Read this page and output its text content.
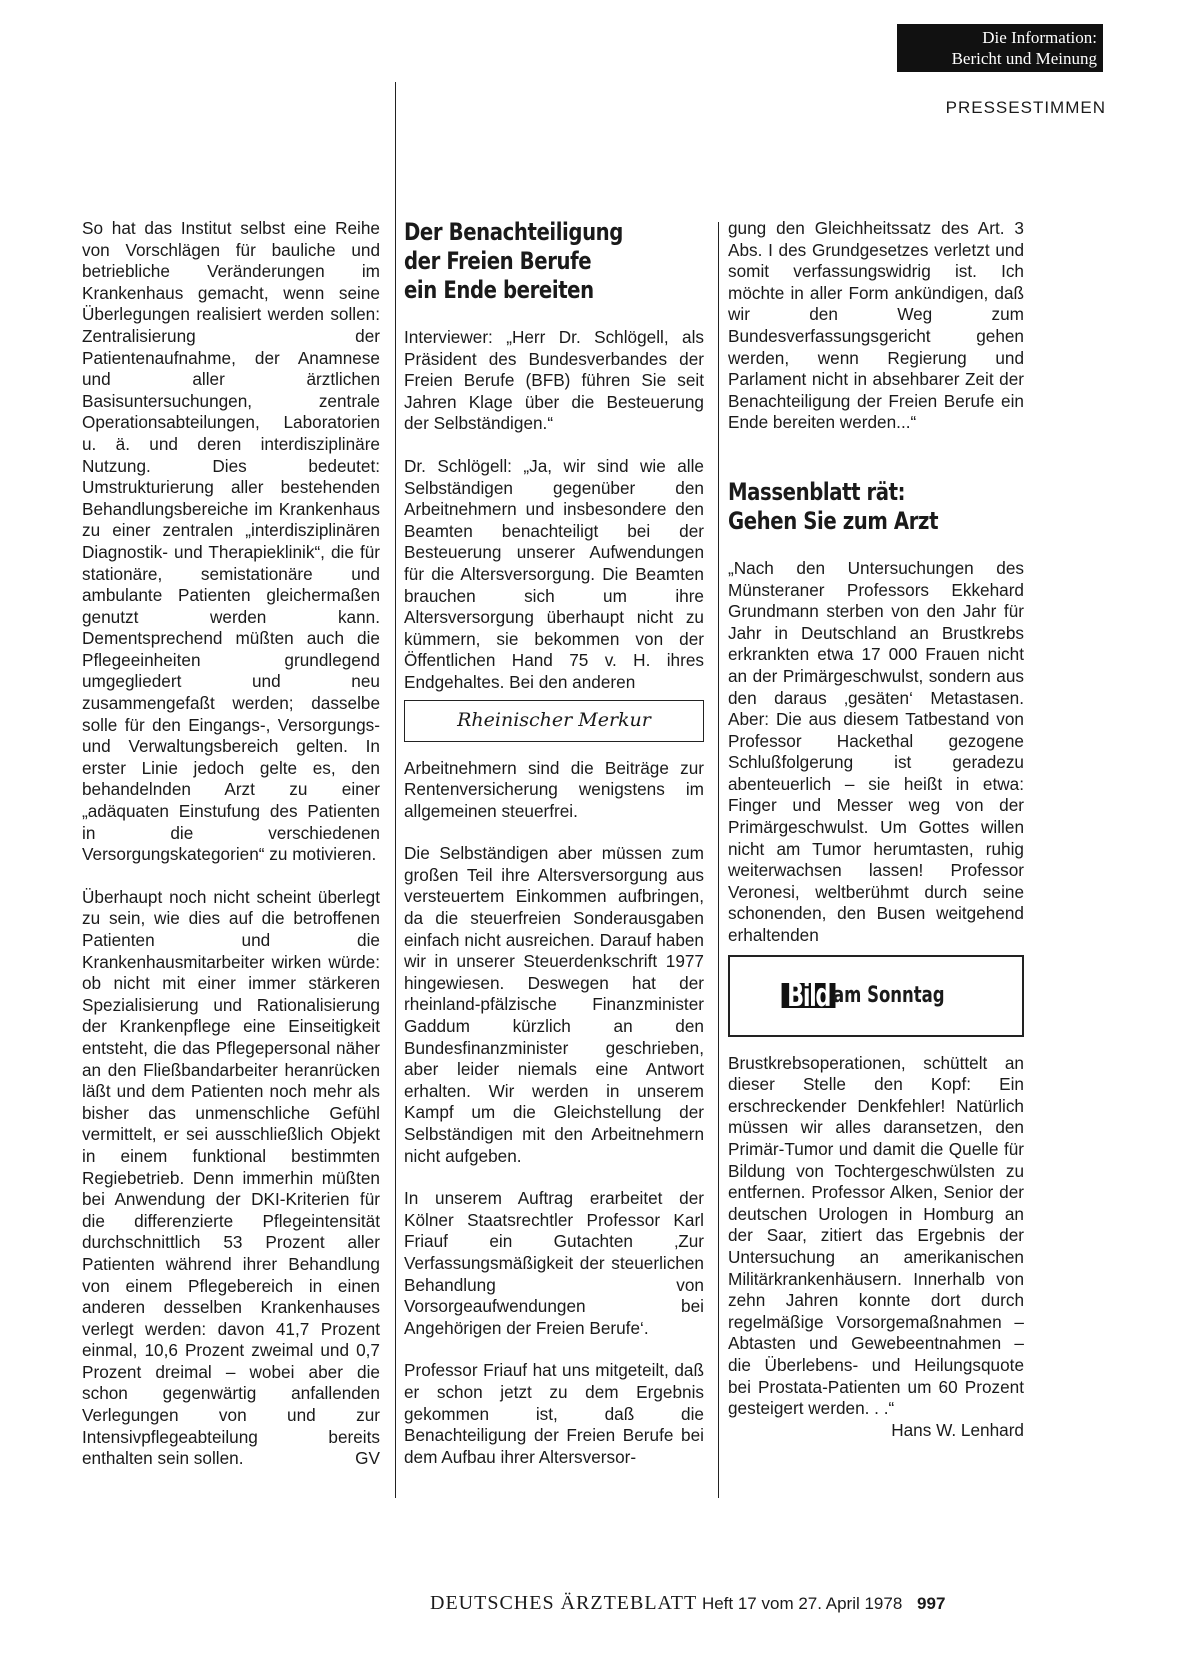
Die Information:
Bericht und Meinung
PRESSESTIMMEN

So hat das Institut selbst eine Reihe von Vorschlägen für bauliche und betriebliche Veränderungen im Krankenhaus gemacht, wenn seine Überlegungen realisiert werden sollen: Zentralisierung der Patientenaufnahme, der Anamnese und aller ärztlichen Basisuntersuchungen, zentrale Operationsabteilungen, Laboratorien u. ä. und deren interdisziplinäre Nutzung. Dies bedeutet: Umstrukturierung aller bestehenden Behandlungsbereiche im Krankenhaus zu einer zentralen „interdisziplinären Diagnostik- und Therapieklinik“, die für stationäre, semistationäre und ambulante Patienten gleichermaßen genutzt werden kann. Dementsprechend müßten auch die Pflegeeinheiten grundlegend umgegliedert und neu zusammengefaßt werden; dasselbe solle für den Eingangs-, Versorgungs- und Verwaltungsbereich gelten. In erster Linie jedoch gelte es, den behandelnden Arzt zu einer „adäquaten Einstufung des Patienten in die verschiedenen Versorgungskategorien“ zu motivieren.

Überhaupt noch nicht scheint überlegt zu sein, wie dies auf die betroffenen Patienten und die Krankenhausmitarbeiter wirken würde: ob nicht mit einer immer stärkeren Spezialisierung und Rationalisierung der Krankenpflege eine Einseitigkeit entsteht, die das Pflegepersonal näher an den Fließbandarbeiter heranrücken läßt und dem Patienten noch mehr als bisher das unmenschliche Gefühl vermittelt, er sei ausschließlich Objekt in einem funktional bestimmten Regiebetrieb. Denn immerhin müßten bei Anwendung der DKI-Kriterien für die differenzierte Pflegeintensität durchschnittlich 53 Prozent aller Patienten während ihrer Behandlung von einem Pflegebereich in einen anderen desselben Krankenhauses verlegt werden: davon 41,7 Prozent einmal, 10,6 Prozent zweimal und 0,7 Prozent dreimal – wobei aber die schon gegenwärtig anfallenden Verlegungen von und zur Intensivpflegeabteilung bereits enthalten sein sollen.	GV

Der Benachteiligung
der Freien Berufe
ein Ende bereiten

Interviewer: „Herr Dr. Schlögell, als Präsident des Bundesverbandes der Freien Berufe (BFB) führen Sie seit Jahren Klage über die Besteuerung der Selbständigen.“

Dr. Schlögell: „Ja, wir sind wie alle Selbständigen gegenüber den Arbeitnehmern und insbesondere den Beamten benachteiligt bei der Besteuerung unserer Aufwendungen für die Altersversorgung. Die Beamten brauchen sich um ihre Altersversorgung überhaupt nicht zu kümmern, sie bekommen von der Öffentlichen Hand 75 v. H. ihres Endgehaltes. Bei den anderen

Rheinischer Merkur

Arbeitnehmern sind die Beiträge zur Rentenversicherung wenigstens im allgemeinen steuerfrei.

Die Selbständigen aber müssen zum großen Teil ihre Altersversorgung aus versteuertem Einkommen aufbringen, da die steuerfreien Sonderausgaben einfach nicht ausreichen. Darauf haben wir in unserer Steuerdenkschrift 1977 hingewiesen. Deswegen hat der rheinland-pfälzische Finanzminister Gaddum kürzlich an den Bundesfinanzminister geschrieben, aber leider niemals eine Antwort erhalten. Wir werden in unserem Kampf um die Gleichstellung der Selbständigen mit den Arbeitnehmern nicht aufgeben.

In unserem Auftrag erarbeitet der Kölner Staatsrechtler Professor Karl Friauf ein Gutachten ‚Zur Verfassungsmäßigkeit der steuerlichen Behandlung von Vorsorgeaufwendungen bei Angehörigen der Freien Berufe‘.

Professor Friauf hat uns mitgeteilt, daß er schon jetzt zu dem Ergebnis gekommen ist, daß die Benachteiligung der Freien Berufe bei dem Aufbau ihrer Altersversor-

gung den Gleichheitssatz des Art. 3 Abs. I des Grundgesetzes verletzt und somit verfassungswidrig ist. Ich möchte in aller Form ankündigen, daß wir den Weg zum Bundesverfassungsgericht gehen werden, wenn Regierung und Parlament nicht in absehbarer Zeit der Benachteiligung der Freien Berufe ein Ende bereiten werden...“

Massenblatt rät:
Gehen Sie zum Arzt

„Nach den Untersuchungen des Münsteraner Professors Ekkehard Grundmann sterben von den Jahr für Jahr in Deutschland an Brustkrebs erkrankten etwa 17 000 Frauen nicht an der Primärgeschwulst, sondern aus den daraus ‚gesäten‘ Metastasen. Aber: Die aus diesem Tatbestand von Professor Hackethal gezogene Schlußfolgerung ist geradezu abenteuerlich – sie heißt in etwa: Finger und Messer weg von der Primärgeschwulst. Um Gottes willen nicht am Tumor herumtasten, ruhig weiterwachsen lassen! Professor Veronesi, weltberühmt durch seine schonenden, den Busen weitgehend erhaltenden

Bild am Sonntag

Brustkrebsoperationen, schüttelt an dieser Stelle den Kopf: Ein erschreckender Denkfehler! Natürlich müssen wir alles daransetzen, den Primär-Tumor und damit die Quelle für Bildung von Tochtergeschwülsten zu entfernen. Professor Alken, Senior der deutschen Urologen in Homburg an der Saar, zitiert das Ergebnis der Untersuchung an amerikanischen Militärkrankenhäusern. Innerhalb von zehn Jahren konnte dort durch regelmäßige Vorsorgemaßnahmen – Abtasten und Gewebeentnahmen – die Überlebens- und Heilungsquote bei Prostata-Patienten um 60 Prozent gesteigert werden. . .“
Hans W. Lenhard

DEUTSCHES ÄRZTEBLATT Heft 17 vom 27. April 1978 997
